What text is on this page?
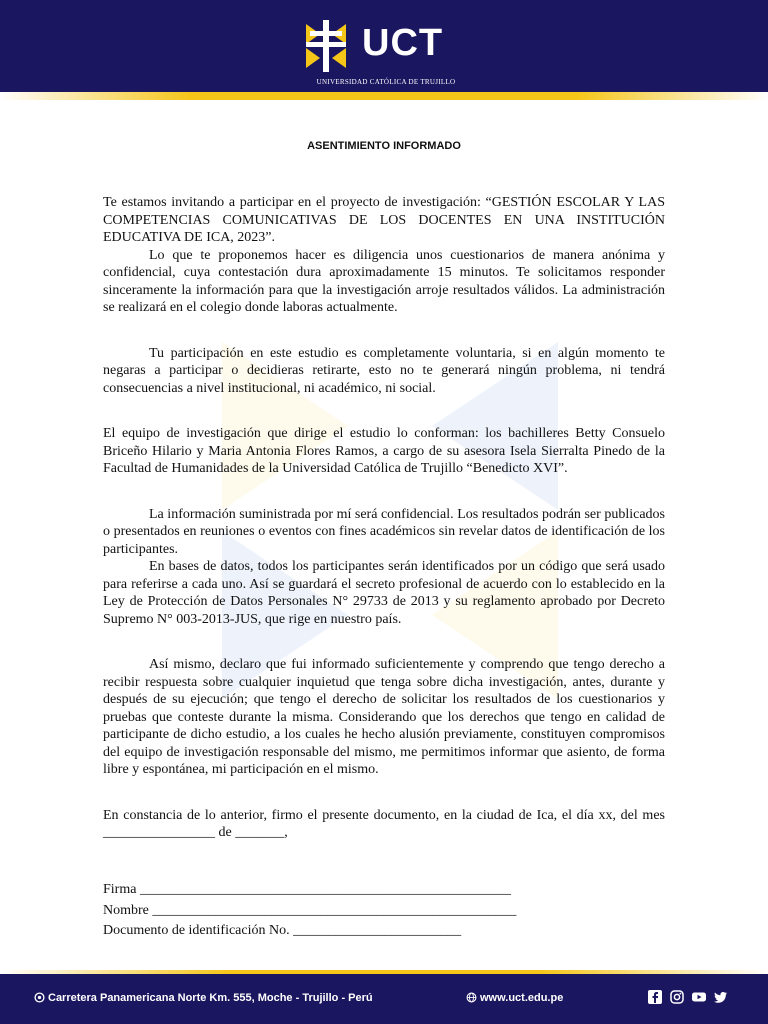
UCT
UNIVERSIDAD CATÓLICA DE TRUJILLO
ASENTIMIENTO INFORMADO

Te estamos invitando a participar en el proyecto de investigación: “GESTIÓN ESCOLAR Y LAS COMPETENCIAS COMUNICATIVAS DE LOS DOCENTES EN UNA INSTITUCIÓN EDUCATIVA DE ICA, 2023”.

Lo que te proponemos hacer es diligencia unos cuestionarios de manera anónima y confidencial, cuya contestación dura aproximadamente 15 minutos. Te solicitamos responder sinceramente la información para que la investigación arroje resultados válidos. La administración se realizará en el colegio donde laboras actualmente.

Tu participación en este estudio es completamente voluntaria, si en algún momento te negaras a participar o decidieras retirarte, esto no te generará ningún problema, ni tendrá consecuencias a nivel institucional, ni académico, ni social.

El equipo de investigación que dirige el estudio lo conforman: los bachilleres Betty Consuelo Briceño Hilario y Maria Antonia Flores Ramos, a cargo de su asesora Isela Sierralta Pinedo de la Facultad de Humanidades de la Universidad Católica de Trujillo “Benedicto XVI”.

La información suministrada por mí será confidencial. Los resultados podrán ser publicados o presentados en reuniones o eventos con fines académicos sin revelar datos de identificación de los participantes.

En bases de datos, todos los participantes serán identificados por un código que será usado para referirse a cada uno. Así se guardará el secreto profesional de acuerdo con lo establecido en la Ley de Protección de Datos Personales N° 29733 de 2013 y su reglamento aprobado por Decreto Supremo N° 003-2013-JUS, que rige en nuestro país.

Así mismo, declaro que fui informado suficientemente y comprendo que tengo derecho a recibir respuesta sobre cualquier inquietud que tenga sobre dicha investigación, antes, durante y después de su ejecución; que tengo el derecho de solicitar los resultados de los cuestionarios y pruebas que conteste durante la misma. Considerando que los derechos que tengo en calidad de participante de dicho estudio, a los cuales he hecho alusión previamente, constituyen compromisos del equipo de investigación responsable del mismo, me permitimos informar que asiento, de forma libre y espontánea, mi participación en el mismo.

En constancia de lo anterior, firmo el presente documento, en la ciudad de Ica, el día xx, del mes ________________ de _______,

Firma _____________________________________________________
Nombre ____________________________________________________
Documento de identificación No. ________________________
Carretera Panamericana Norte Km. 555, Moche - Trujillo - Perú	www.uct.edu.pe
